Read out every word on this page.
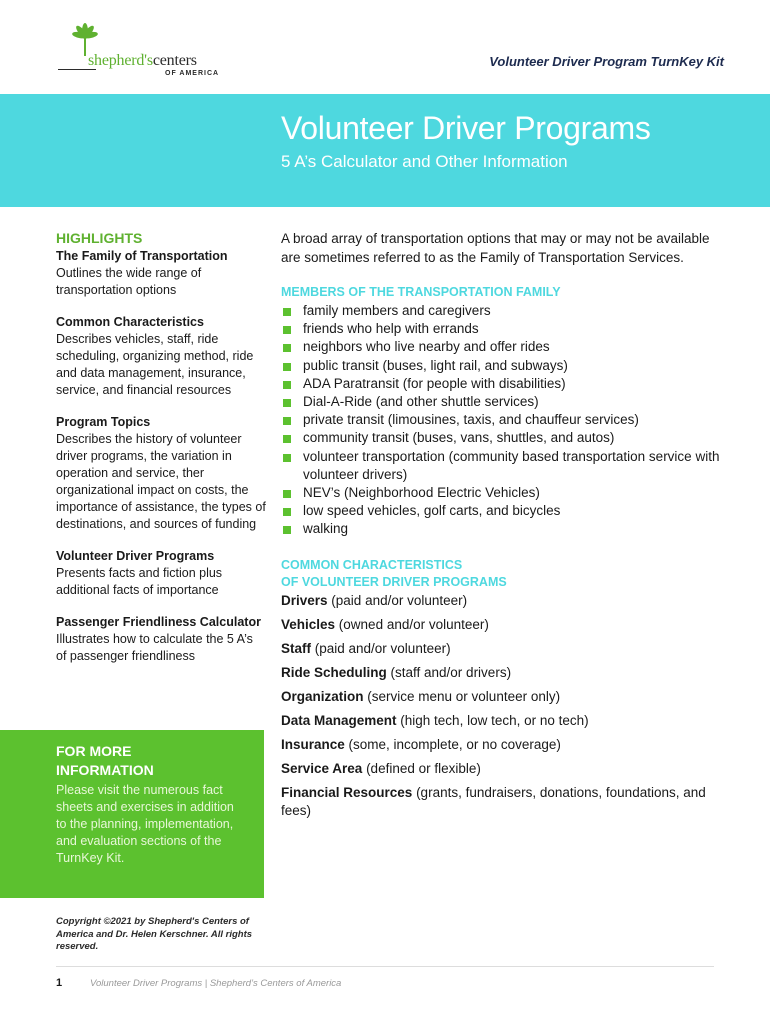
shepherd'scenters
OF AMERICA
Volunteer Driver Program TurnKey Kit
Volunteer Driver Programs
5 A’s Calculator and Other Information
HIGHLIGHTS
The Family of Transportation
Outlines the wide range of transportation options
Common Characteristics
Describes vehicles, staff, ride scheduling, organizing method, ride and data management, insurance, service, and financial resources
Program Topics
Describes the history of volunteer driver programs, the variation in operation and service, ther organizational impact on costs, the importance of assistance, the types of destinations, and sources of funding
Volunteer Driver Programs
Presents facts and fiction plus additional facts of importance
Passenger Friendliness Calculator
Illustrates how to calculate the 5 A’s of passenger friendliness
FOR MORE INFORMATION
Please visit the numerous fact sheets and exercises in addition to the planning, implementation, and evaluation sections of the TurnKey Kit.
Copyright ©2021 by Shepherd's Centers of America and Dr. Helen Kerschner. All rights reserved.
A broad array of transportation options that may or may not be available are sometimes referred to as the Family of Transportation Services.
MEMBERS OF THE TRANSPORTATION FAMILY
family members and caregivers
friends who help with errands
neighbors who live nearby and offer rides
public transit (buses, light rail, and subways)
ADA Paratransit (for people with disabilities)
Dial-A-Ride (and other shuttle services)
private transit (limousines, taxis, and chauffeur services)
community transit (buses, vans, shuttles, and autos)
volunteer transportation (community based transportation service with volunteer drivers)
NEV’s (Neighborhood Electric Vehicles)
low speed vehicles, golf carts, and bicycles
walking
COMMON CHARACTERISTICS
OF VOLUNTEER DRIVER PROGRAMS
Drivers (paid and/or volunteer)
Vehicles (owned and/or volunteer)
Staff (paid and/or volunteer)
Ride Scheduling (staff and/or drivers)
Organization (service menu or volunteer only)
Data Management (high tech, low tech, or no tech)
Insurance (some, incomplete, or no coverage)
Service Area (defined or flexible)
Financial Resources (grants, fundraisers, donations, foundations, and fees)
1	Volunteer Driver Programs | Shepherd’s Centers of America
